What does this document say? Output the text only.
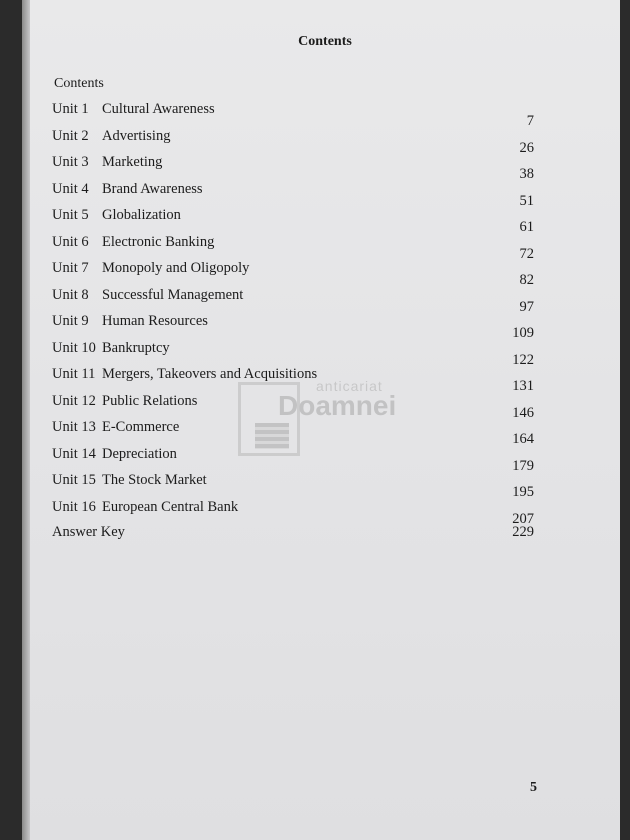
Contents
Contents
Unit 1 Cultural Awareness
7
Unit 2 Advertising
26
Unit 3 Marketing
38
Unit 4 Brand Awareness
51
Unit 5 Globalization
61
Unit 6 Electronic Banking
72
Unit 7 Monopoly and Oligopoly
82
Unit 8 Successful Management
97
Unit 9 Human Resources
109
Unit 10 Bankruptcy
122
Unit 11 Mergers, Takeovers and Acquisitions
131
Unit 12 Public Relations
146
Unit 13 E-Commerce
164
Unit 14 Depreciation
179
Unit 15 The Stock Market
195
Unit 16 European Central Bank
207
Answer Key	229
anticariat
Doamnei
5
